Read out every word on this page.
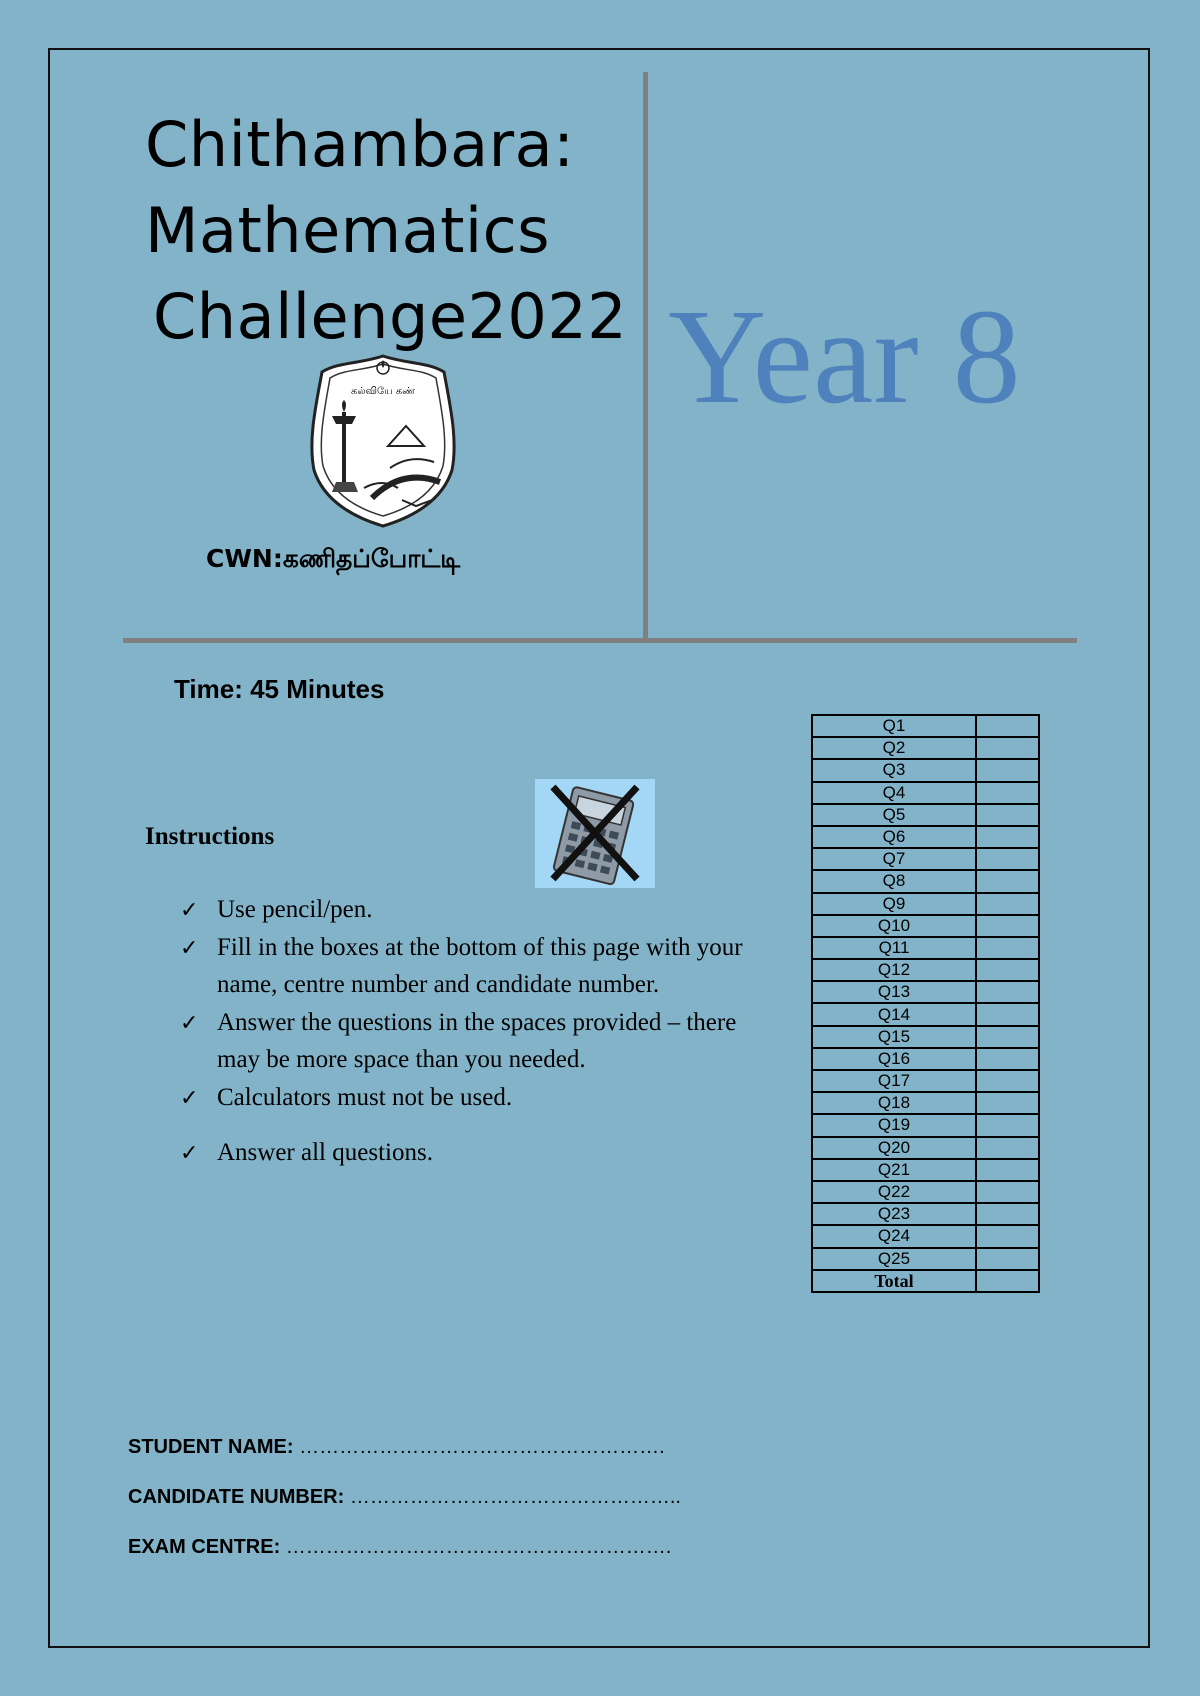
Chithambara:
Mathematics
Challenge2022 Year 8
கல்வியே கண்
CWN:கணிதப்போட்டி
Time: 45 Minutes
Instructions
✓ Use pencil/pen.
✓ Fill in the boxes at the bottom of this page with your name, centre number and candidate number.
✓ Answer the questions in the spaces provided – there may be more space than you needed.
✓ Calculators must not be used.
✓ Answer all questions.
Q1	
Q2	
Q3	
Q4	
Q5	
Q6	
Q7	
Q8	
Q9	
Q10	
Q11	
Q12	
Q13	
Q14	
Q15	
Q16	
Q17	
Q18	
Q19	
Q20	
Q21	
Q22	
Q23	
Q24	
Q25	
Total	
STUDENT NAME: ……………………………………………….
CANDIDATE NUMBER: …………………………………………..
EXAM CENTRE: ………………………………………………….
